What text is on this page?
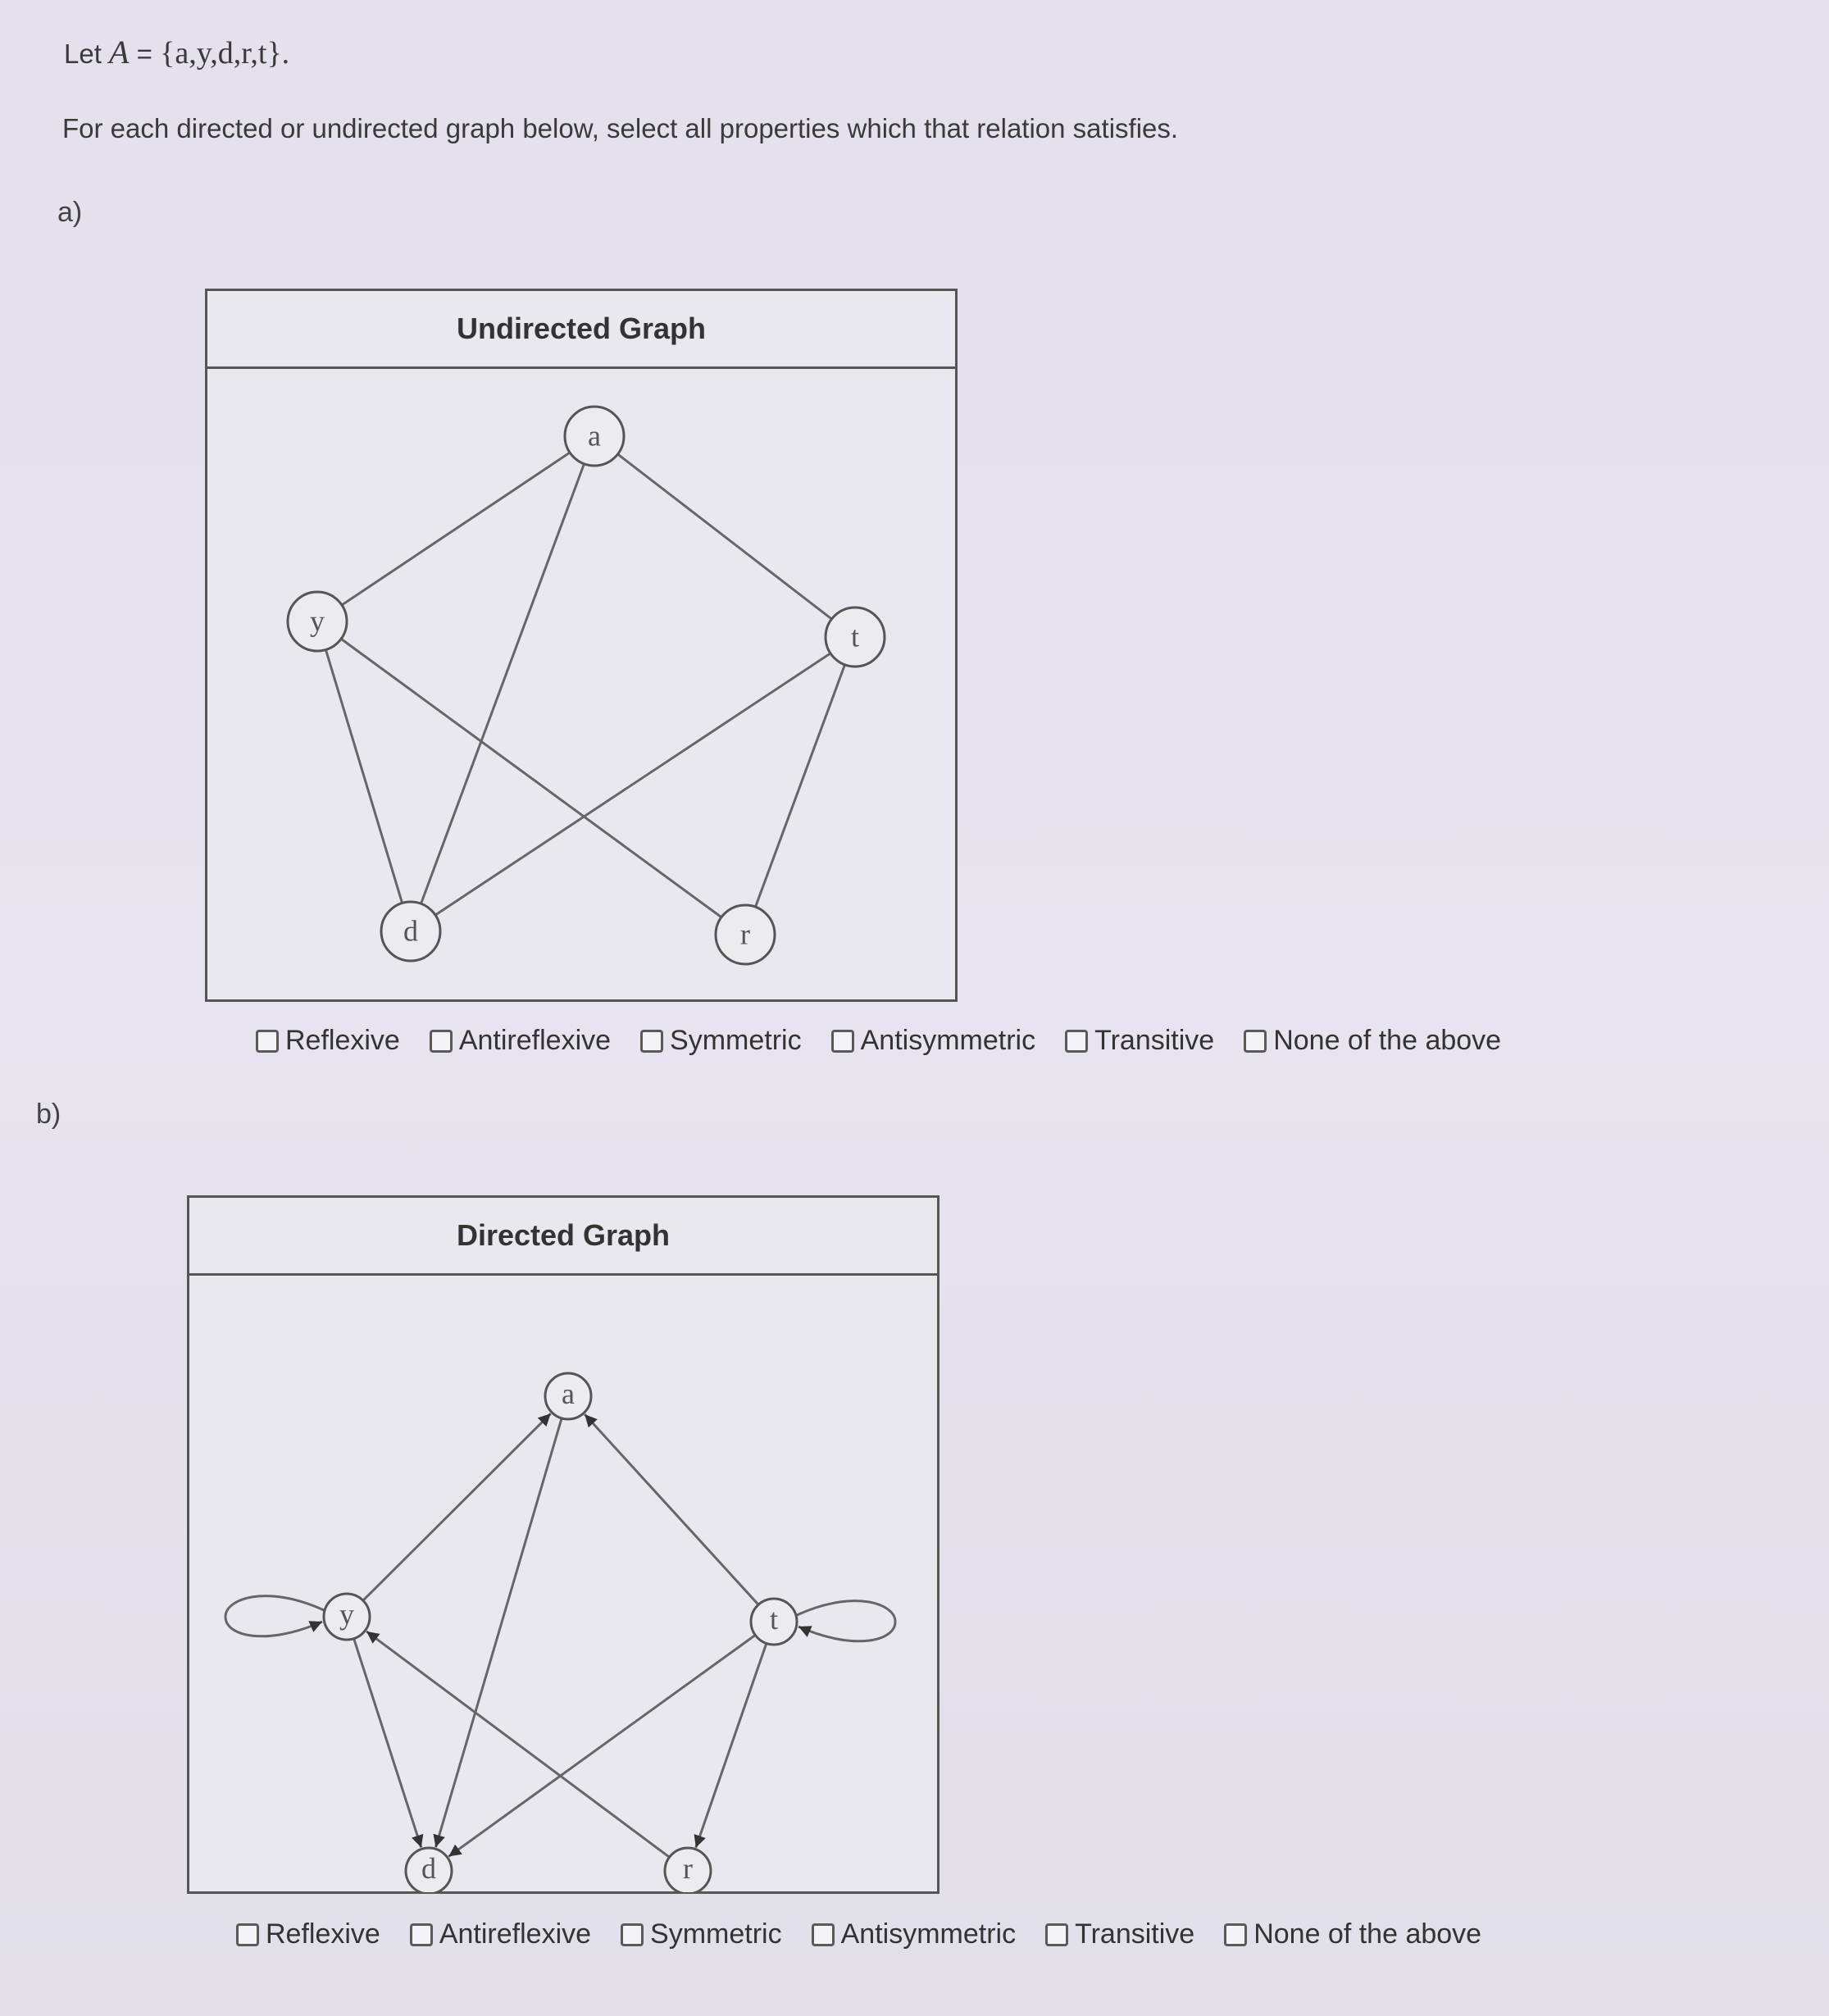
Let A = {a,y,d,r,t}.
For each directed or undirected graph below, select all properties which that relation satisfies.
a)
Undirected Graph
a
y	t
d	r
Reflexive Antireflexive Symmetric Antisymmetric Transitive None of the above
b)
Directed Graph
a
y	t
d	r
Reflexive Antireflexive Symmetric Antisymmetric Transitive None of the above
